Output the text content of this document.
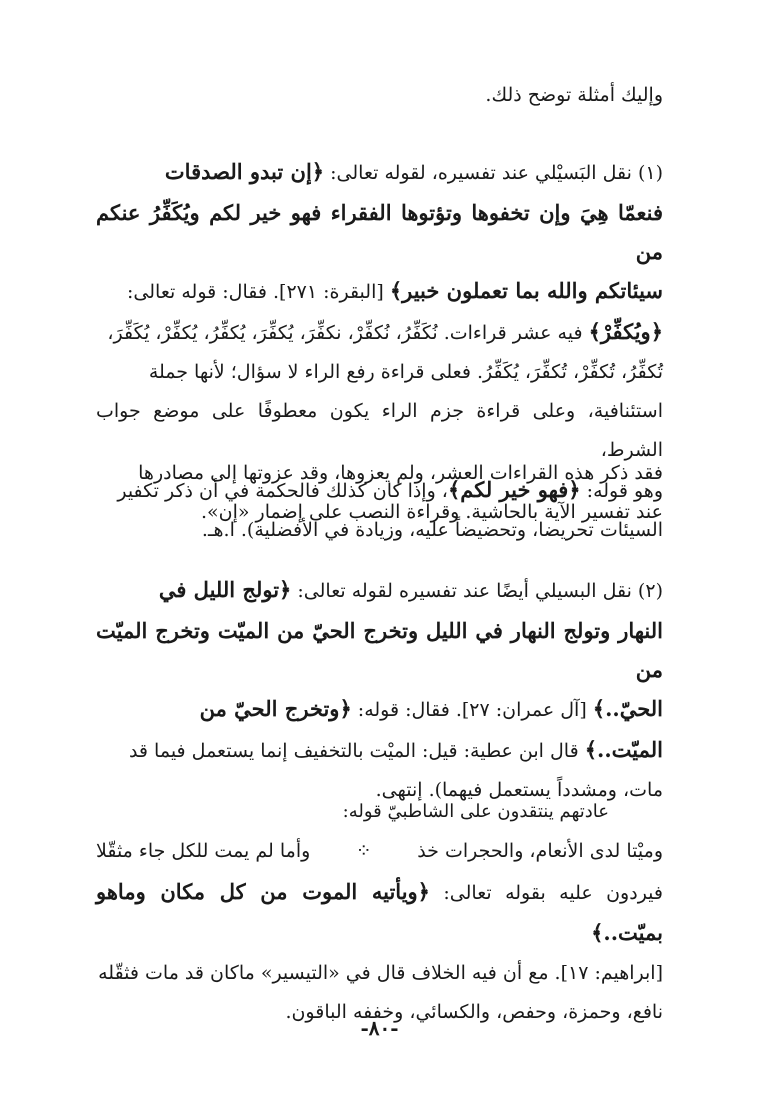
وإليك أمثلة توضح ذلك.

(١) نقل البَسيْلي عند تفسيره، لقوله تعالى: ﴿إن تبدو الصدقات

فنعمّا هِيَ وإن تخفوها وتؤتوها الفقراء فهو خير لكم ويُكَفِّرُ عنكم من

سيئاتكم والله بما تعملون خبير﴾ [البقرة: ٢٧١]. فقال: قوله تعالى:

﴿ويُكفِّرْ﴾ فيه عشر قراءات. نُكَفِّرُ، نُكفِّرْ، نكفِّرَ، يُكفِّرَ، يُكفِّرُ، يُكفِّرْ، يُكَفِّرَ،

تُكفِّرُ، تُكفِّرْ، تُكفِّرَ، يُكَفِّرُ. فعلى قراءة رفع الراء لا سؤال؛ لأنها جملة

استئنافية، وعلى قراءة جزم الراء يكون معطوفًا على موضع جواب الشرط،

وهو قوله: ﴿فهو خير لكم﴾، وإذا كان كذلك فالحكمة في أن ذكر تكفير

السيئات تحريضا، وتحضيضاً عليه، وزيادة في الأفضلية). ا.هـ.

فقد ذكر هذه القراءات العشر، ولم يعزوها، وقد عزوتها إلى مصادرها

عند تفسير الآية بالحاشية. وقراءة النصب على إضمار «إن».

(٢) نقل البسيلي أيضًا عند تفسيره لقوله تعالى: ﴿تولج الليل في

النهار وتولج النهار في الليل وتخرج الحيّ من الميّت وتخرج الميّت من

الحيّ..﴾ [آل عمران: ٢٧]. فقال: قوله: ﴿وتخرج الحيّ من

الميّت..﴾ قال ابن عطية: قيل: الميْت بالتخفيف إنما يستعمل فيما قد

مات، ومشدداً يستعمل فيهما). إنتهى.

عادتهم ينتقدون على الشاطبيّ قوله:

وميْتا لدى الأنعام، والحجرات خذ
⁘
وأما لم يمت للكل جاء مثقّلا

فيردون عليه بقوله تعالى: ﴿ويأتيه الموت من كل مكان وماهو بميّت..﴾

[ابراهيم: ١٧]. مع أن فيه الخلاف قال في «التيسير» ماكان قد مات فثقّله

نافع، وحمزة، وحفص، والكسائي، وخففه الباقون.

-٨٠-
